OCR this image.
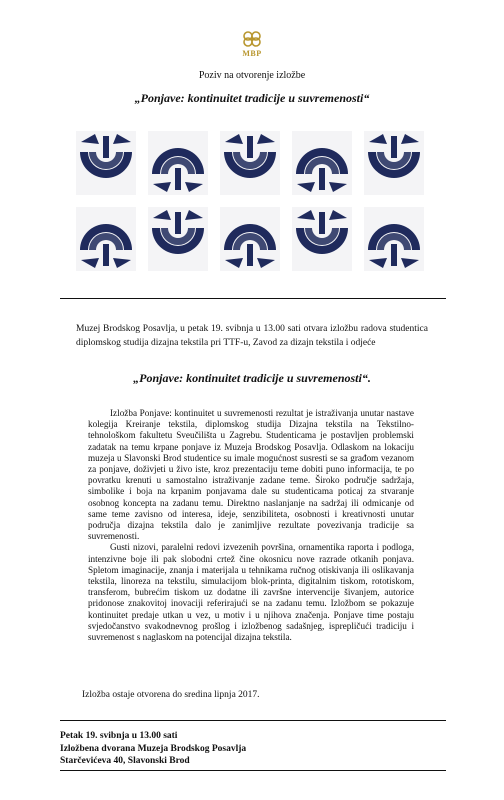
MBP
Poziv na otvorenje izložbe
„Ponjave: kontinuitet tradicije u suvremenosti“

Muzej Brodskog Posavlja, u petak 19. svibnja u 13.00 sati otvara izložbu radova studentica diplomskog studija dizajna tekstila pri TTF-u, Zavod za dizajn tekstila i odjeće

„Ponjave: kontinuitet tradicije u suvremenosti“.

Izložba Ponjave: kontinuitet u suvremenosti rezultat je istraživanja unutar nastave kolegija Kreiranje tekstila, diplomskog studija Dizajna tekstila na Tekstilno-tehnološkom fakultetu Sveučilišta u Zagrebu. Studenticama je postavljen problemski zadatak na temu krpane ponjave iz Muzeja Brodskog Posavlja. Odlaskom na lokaciju muzeja u Slavonski Brod studentice su imale mogućnost susresti se sa građom vezanom za ponjave, doživjeti u živo iste, kroz prezentaciju teme dobiti puno informacija, te po povratku krenuti u samostalno istraživanje zadane teme. Široko područje sadržaja, simbolike i boja na krpanim ponjavama dale su studenticama poticaj za stvaranje osobnog koncepta na zadanu temu. Direktno naslanjanje na sadržaj ili odmicanje od same teme zavisno od interesa, ideje, senzibiliteta, osobnosti i kreativnosti unutar područja dizajna tekstila dalo je zanimljive rezultate povezivanja tradicije sa suvremenosti.

Gusti nizovi, paralelni redovi izvezenih površina, ornamentika raporta i podloga, intenzivne boje ili pak slobodni crtež čine okosnicu nove razrade otkanih ponjava. Spletom imaginacije, znanja i materijala u tehnikama ručnog otiskivanja ili oslikavanja tekstila, linoreza na tekstilu, simulacijom blok-printa, digitalnim tiskom, rototiskom, transferom, bubrećim tiskom uz dodatne ili završne intervencije šivanjem, autorice pridonose znakovitoj inovaciji referirajući se na zadanu temu. Izložbom se pokazuje kontinuitet predaje utkan u vez, u motiv i u njihova značenja. Ponjave time postaju svjedočanstvo svakodnevnog prošlog i izložbenog sadašnjeg, isprepličući tradiciju i suvremenost s naglaskom na potencijal dizajna tekstila.

Izložba ostaje otvorena do sredina lipnja 2017.
Petak 19. svibnja u 13.00 sati
Izložbena dvorana Muzeja Brodskog Posavlja
Starčevićeva 40, Slavonski Brod
